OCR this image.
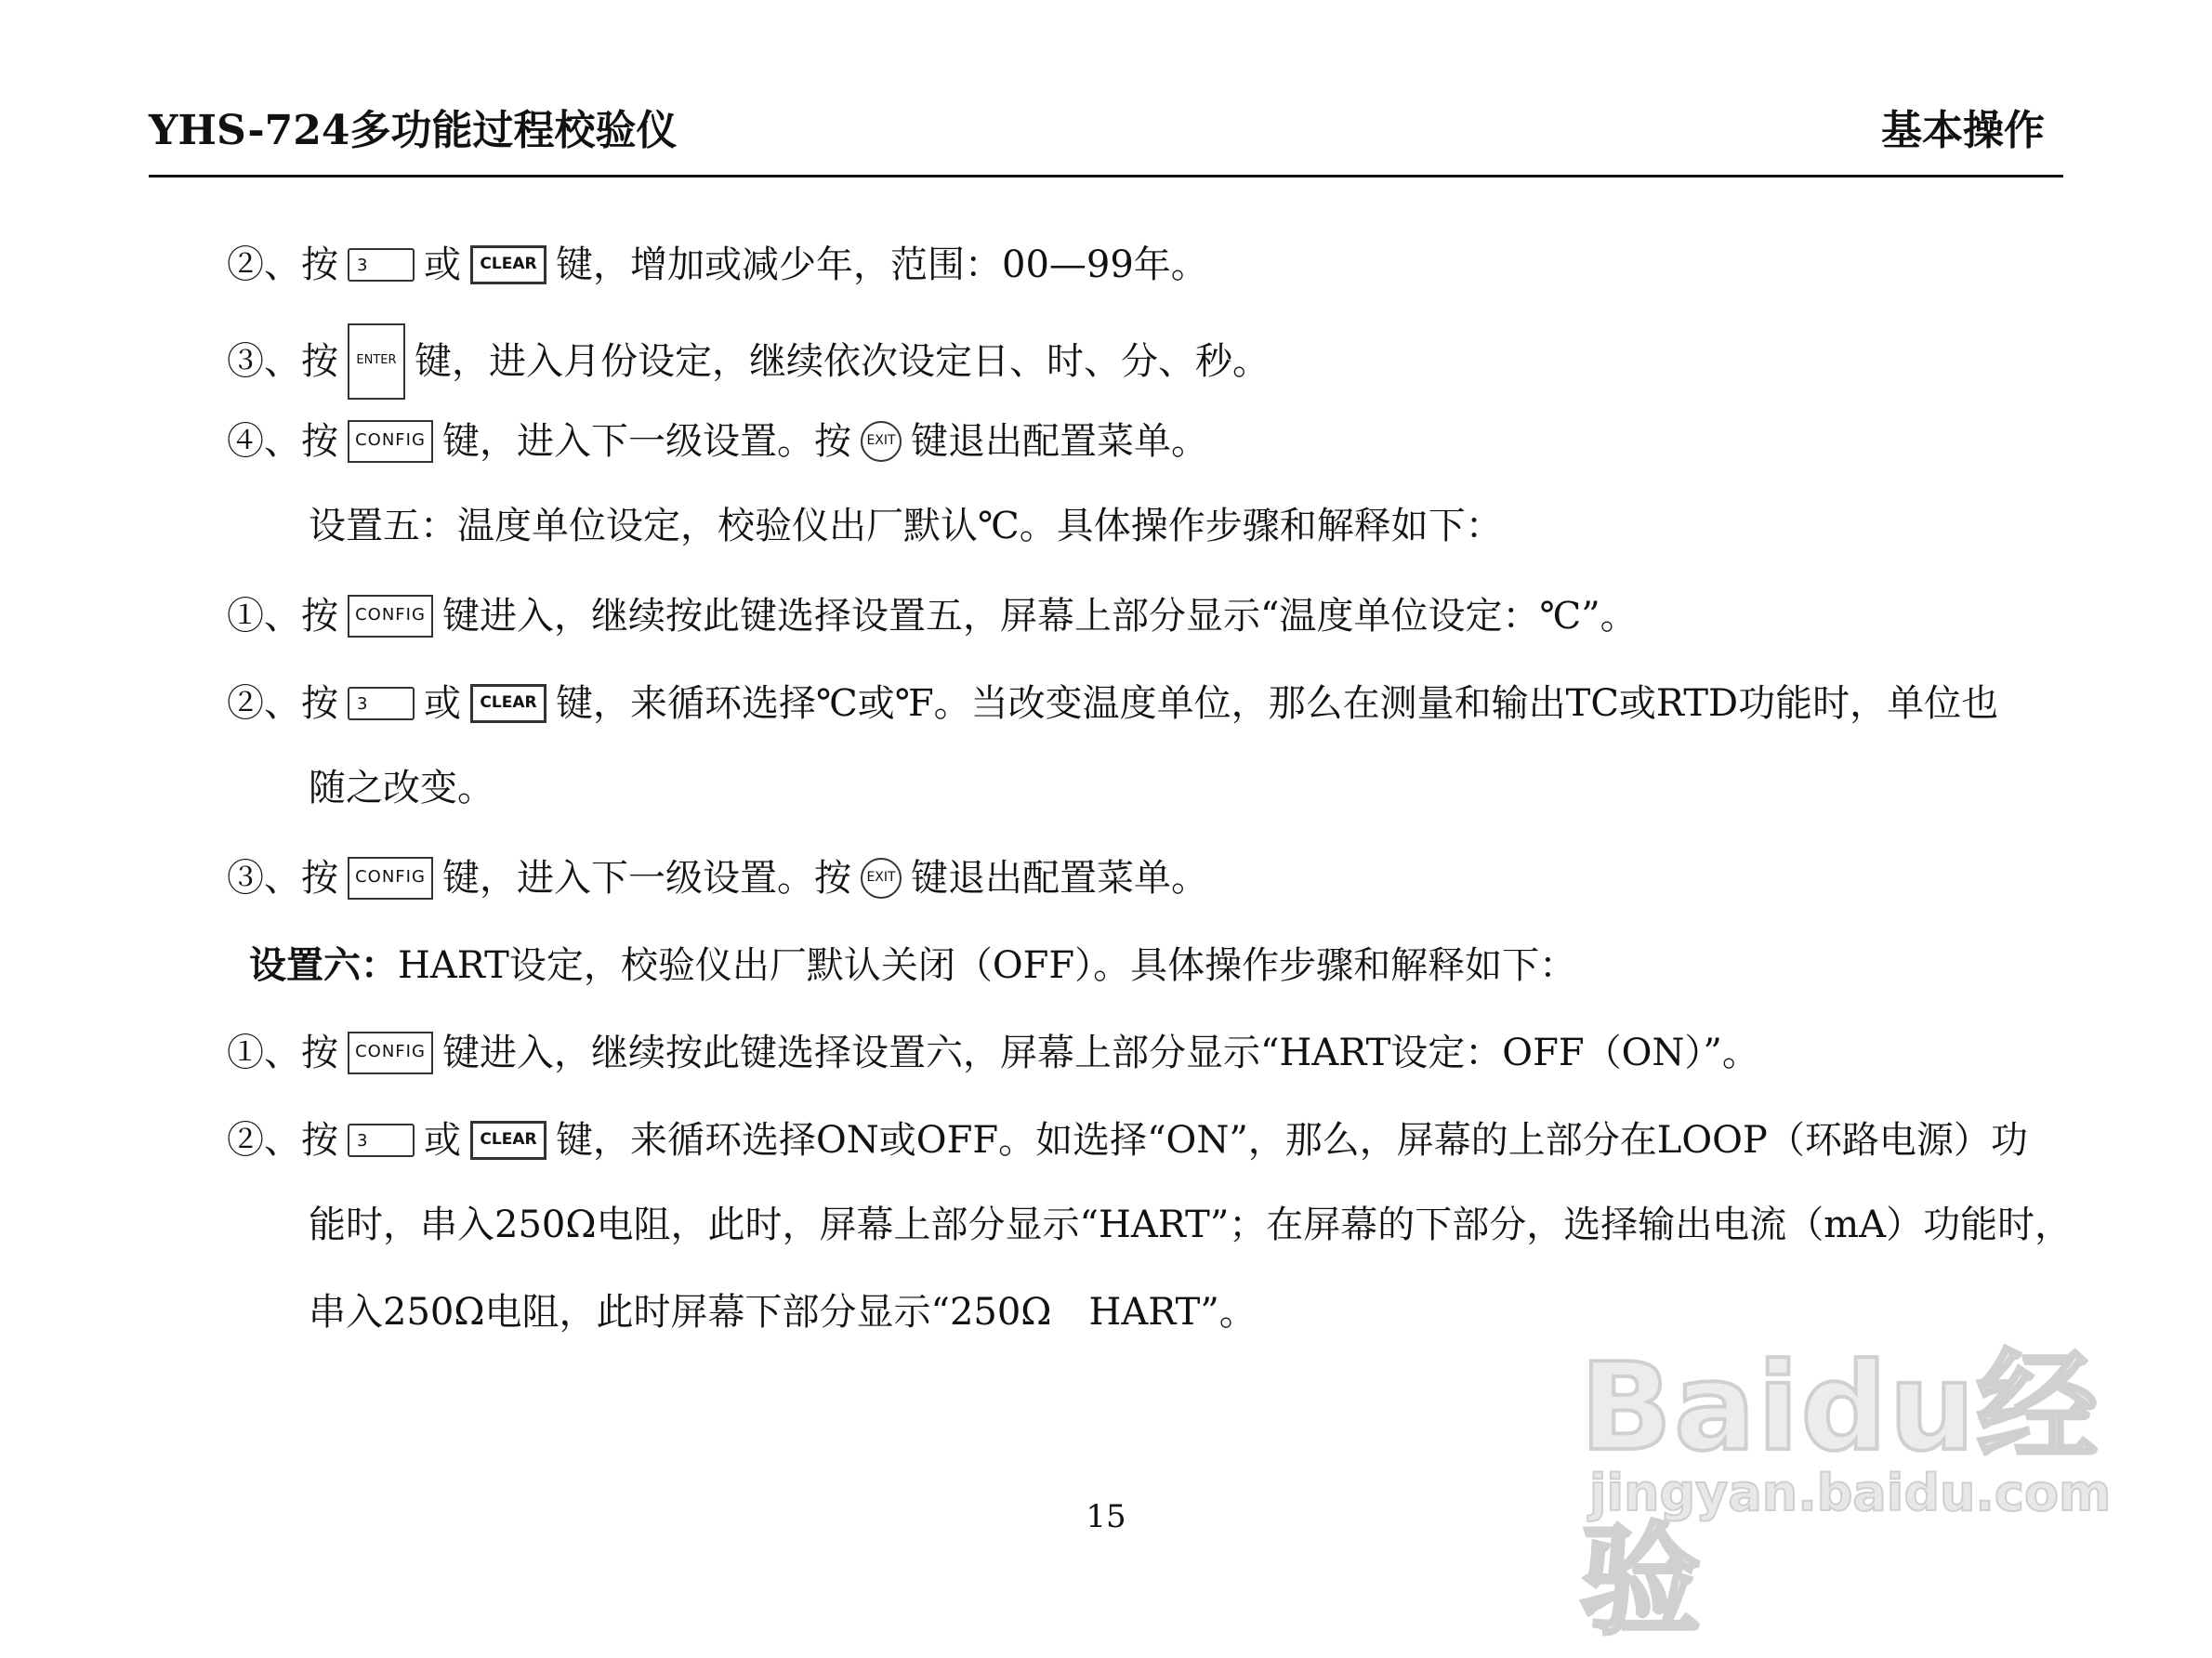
YHS-724多功能过程校验仪	基本操作
②、按 3 或 CLEAR 键，增加或减少年，范围：00—99年。
③、按 ENTER 键，进入月份设定，继续依次设定日、时、分、秒。
④、按 CONFIG 键，进入下一级设置。按 EXIT 键退出配置菜单。
设置五：温度单位设定，校验仪出厂默认℃。具体操作步骤和解释如下：
①、按 CONFIG 键进入，继续按此键选择设置五，屏幕上部分显示“温度单位设定：℃”。
②、按 3 或 CLEAR 键，来循环选择℃或℉。当改变温度单位，那么在测量和输出TC或RTD功能时，单位也
随之改变。
③、按 CONFIG 键，进入下一级设置。按 EXIT 键退出配置菜单。
设置六：HART设定，校验仪出厂默认关闭（OFF）。具体操作步骤和解释如下：
①、按 CONFIG 键进入，继续按此键选择设置六，屏幕上部分显示“HART设定：OFF（ON）”。
②、按 3 或 CLEAR 键，来循环选择ON或OFF。如选择“ON”，那么，屏幕的上部分在LOOP（环路电源）功
能时，串入250Ω电阻，此时，屏幕上部分显示“HART”；在屏幕的下部分，选择输出电流（mA）功能时，
串入250Ω电阻，此时屏幕下部分显示“250Ω　HART”。
Baidu经验
jingyan.baidu.com
15
